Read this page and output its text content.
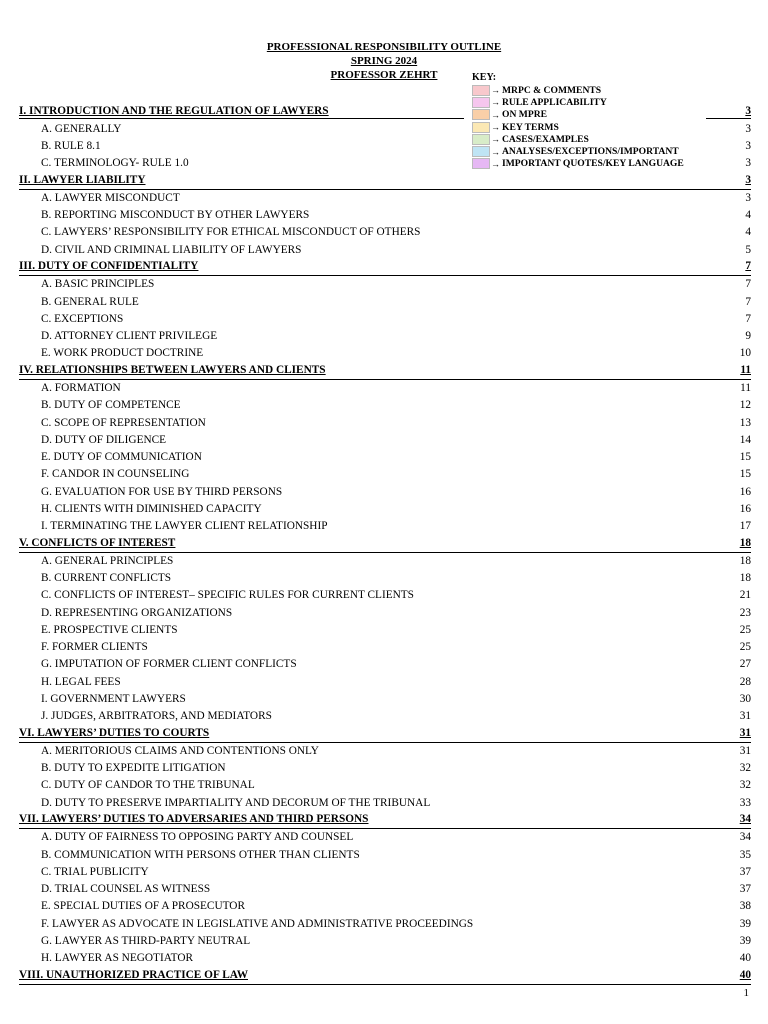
PROFESSIONAL RESPONSIBILITY OUTLINE
SPRING 2024
PROFESSOR ZEHRT	KEY:
→ MRPC & COMMENTS
→ RULE APPLICABILITY
→ ON MPRE
→ KEY TERMS
→ CASES/EXAMPLES
→ ANALYSES/EXCEPTIONS/IMPORTANT
→ IMPORTANT QUOTES/KEY LANGUAGE
I. INTRODUCTION AND THE REGULATION OF LAWYERS	3
A. GENERALLY	3
B. RULE 8.1	3
C. TERMINOLOGY- RULE 1.0	3
II. LAWYER LIABILITY	3
A. LAWYER MISCONDUCT	3
B. REPORTING MISCONDUCT BY OTHER LAWYERS	4
C. LAWYERS’ RESPONSIBILITY FOR ETHICAL MISCONDUCT OF OTHERS	4
D. CIVIL AND CRIMINAL LIABILITY OF LAWYERS	5
III. DUTY OF CONFIDENTIALITY	7
A. BASIC PRINCIPLES	7
B. GENERAL RULE	7
C. EXCEPTIONS	7
D. ATTORNEY CLIENT PRIVILEGE	9
E. WORK PRODUCT DOCTRINE	10
IV. RELATIONSHIPS BETWEEN LAWYERS AND CLIENTS	11
A. FORMATION	11
B. DUTY OF COMPETENCE	12
C. SCOPE OF REPRESENTATION	13
D. DUTY OF DILIGENCE	14
E. DUTY OF COMMUNICATION	15
F. CANDOR IN COUNSELING	15
G. EVALUATION FOR USE BY THIRD PERSONS	16
H. CLIENTS WITH DIMINISHED CAPACITY	16
I. TERMINATING THE LAWYER CLIENT RELATIONSHIP	17
V. CONFLICTS OF INTEREST	18
A. GENERAL PRINCIPLES	18
B. CURRENT CONFLICTS	18
C. CONFLICTS OF INTEREST– SPECIFIC RULES FOR CURRENT CLIENTS	21
D. REPRESENTING ORGANIZATIONS	23
E. PROSPECTIVE CLIENTS	25
F. FORMER CLIENTS	25
G. IMPUTATION OF FORMER CLIENT CONFLICTS	27
H. LEGAL FEES	28
I. GOVERNMENT LAWYERS	30
J. JUDGES, ARBITRATORS, AND MEDIATORS	31
VI. LAWYERS’ DUTIES TO COURTS	31
A. MERITORIOUS CLAIMS AND CONTENTIONS ONLY	31
B. DUTY TO EXPEDITE LITIGATION	32
C. DUTY OF CANDOR TO THE TRIBUNAL	32
D. DUTY TO PRESERVE IMPARTIALITY AND DECORUM OF THE TRIBUNAL	33
VII. LAWYERS’ DUTIES TO ADVERSARIES AND THIRD PERSONS	34
A. DUTY OF FAIRNESS TO OPPOSING PARTY AND COUNSEL	34
B. COMMUNICATION WITH PERSONS OTHER THAN CLIENTS	35
C. TRIAL PUBLICITY	37
D. TRIAL COUNSEL AS WITNESS	37
E. SPECIAL DUTIES OF A PROSECUTOR	38
F. LAWYER AS ADVOCATE IN LEGISLATIVE AND ADMINISTRATIVE PROCEEDINGS	39
G. LAWYER AS THIRD-PARTY NEUTRAL	39
H. LAWYER AS NEGOTIATOR	40
VIII. UNAUTHORIZED PRACTICE OF LAW	40
1
